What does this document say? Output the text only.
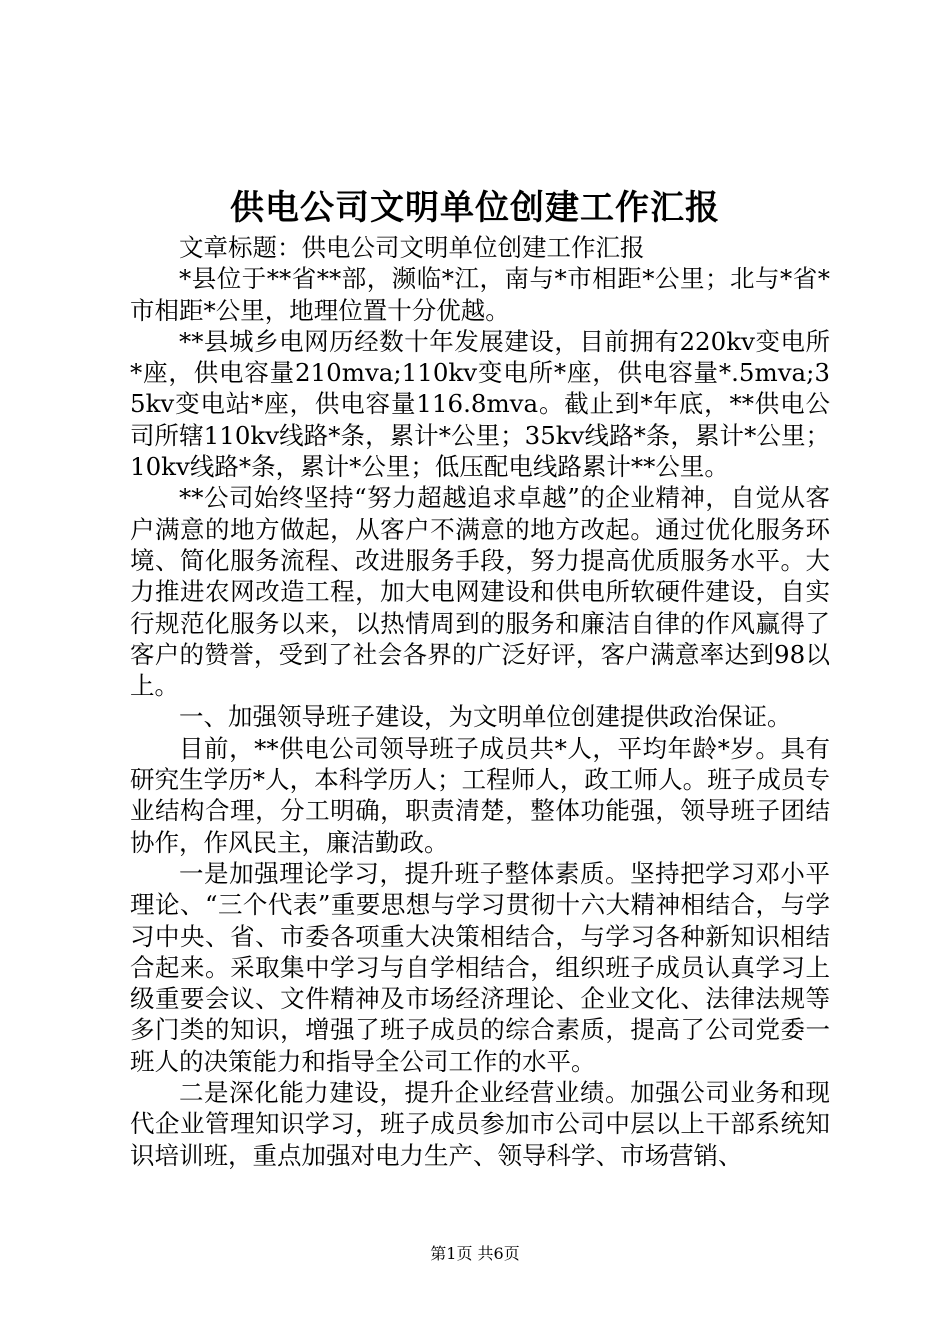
供电公司文明单位创建工作汇报

文章标题：供电公司文明单位创建工作汇报

*县位于**省**部，濒临*江，南与*市相距*公里；北与*省*市相距*公里，地理位置十分优越。

**县城乡电网历经数十年发展建设，目前拥有220kv变电所*座，供电容量210mva;110kv变电所*座，供电容量*.5mva;35kv变电站*座，供电容量116.8mva。截止到*年底，**供电公司所辖110kv线路*条，累计*公里；35kv线路*条，累计*公里；10kv线路*条，累计*公里；低压配电线路累计**公里。

**公司始终坚持“努力超越追求卓越”的企业精神，自觉从客户满意的地方做起，从客户不满意的地方改起。通过优化服务环境、简化服务流程、改进服务手段，努力提高优质服务水平。大力推进农网改造工程，加大电网建设和供电所软硬件建设，自实行规范化服务以来，以热情周到的服务和廉洁自律的作风赢得了客户的赞誉，受到了社会各界的广泛好评，客户满意率达到98以上。

一、加强领导班子建设，为文明单位创建提供政治保证。

目前，**供电公司领导班子成员共*人，平均年龄*岁。具有研究生学历*人，本科学历人；工程师人，政工师人。班子成员专业结构合理，分工明确，职责清楚，整体功能强，领导班子团结协作，作风民主，廉洁勤政。

一是加强理论学习，提升班子整体素质。坚持把学习邓小平理论、“三个代表”重要思想与学习贯彻十六大精神相结合，与学习中央、省、市委各项重大决策相结合，与学习各种新知识相结合起来。采取集中学习与自学相结合，组织班子成员认真学习上级重要会议、文件精神及市场经济理论、企业文化、法律法规等多门类的知识，增强了班子成员的综合素质，提高了公司党委一班人的决策能力和指导全公司工作的水平。

二是深化能力建设，提升企业经营业绩。加强公司业务和现代企业管理知识学习，班子成员参加市公司中层以上干部系统知识培训班，重点加强对电力生产、领导科学、市场营销、

第1页 共6页
